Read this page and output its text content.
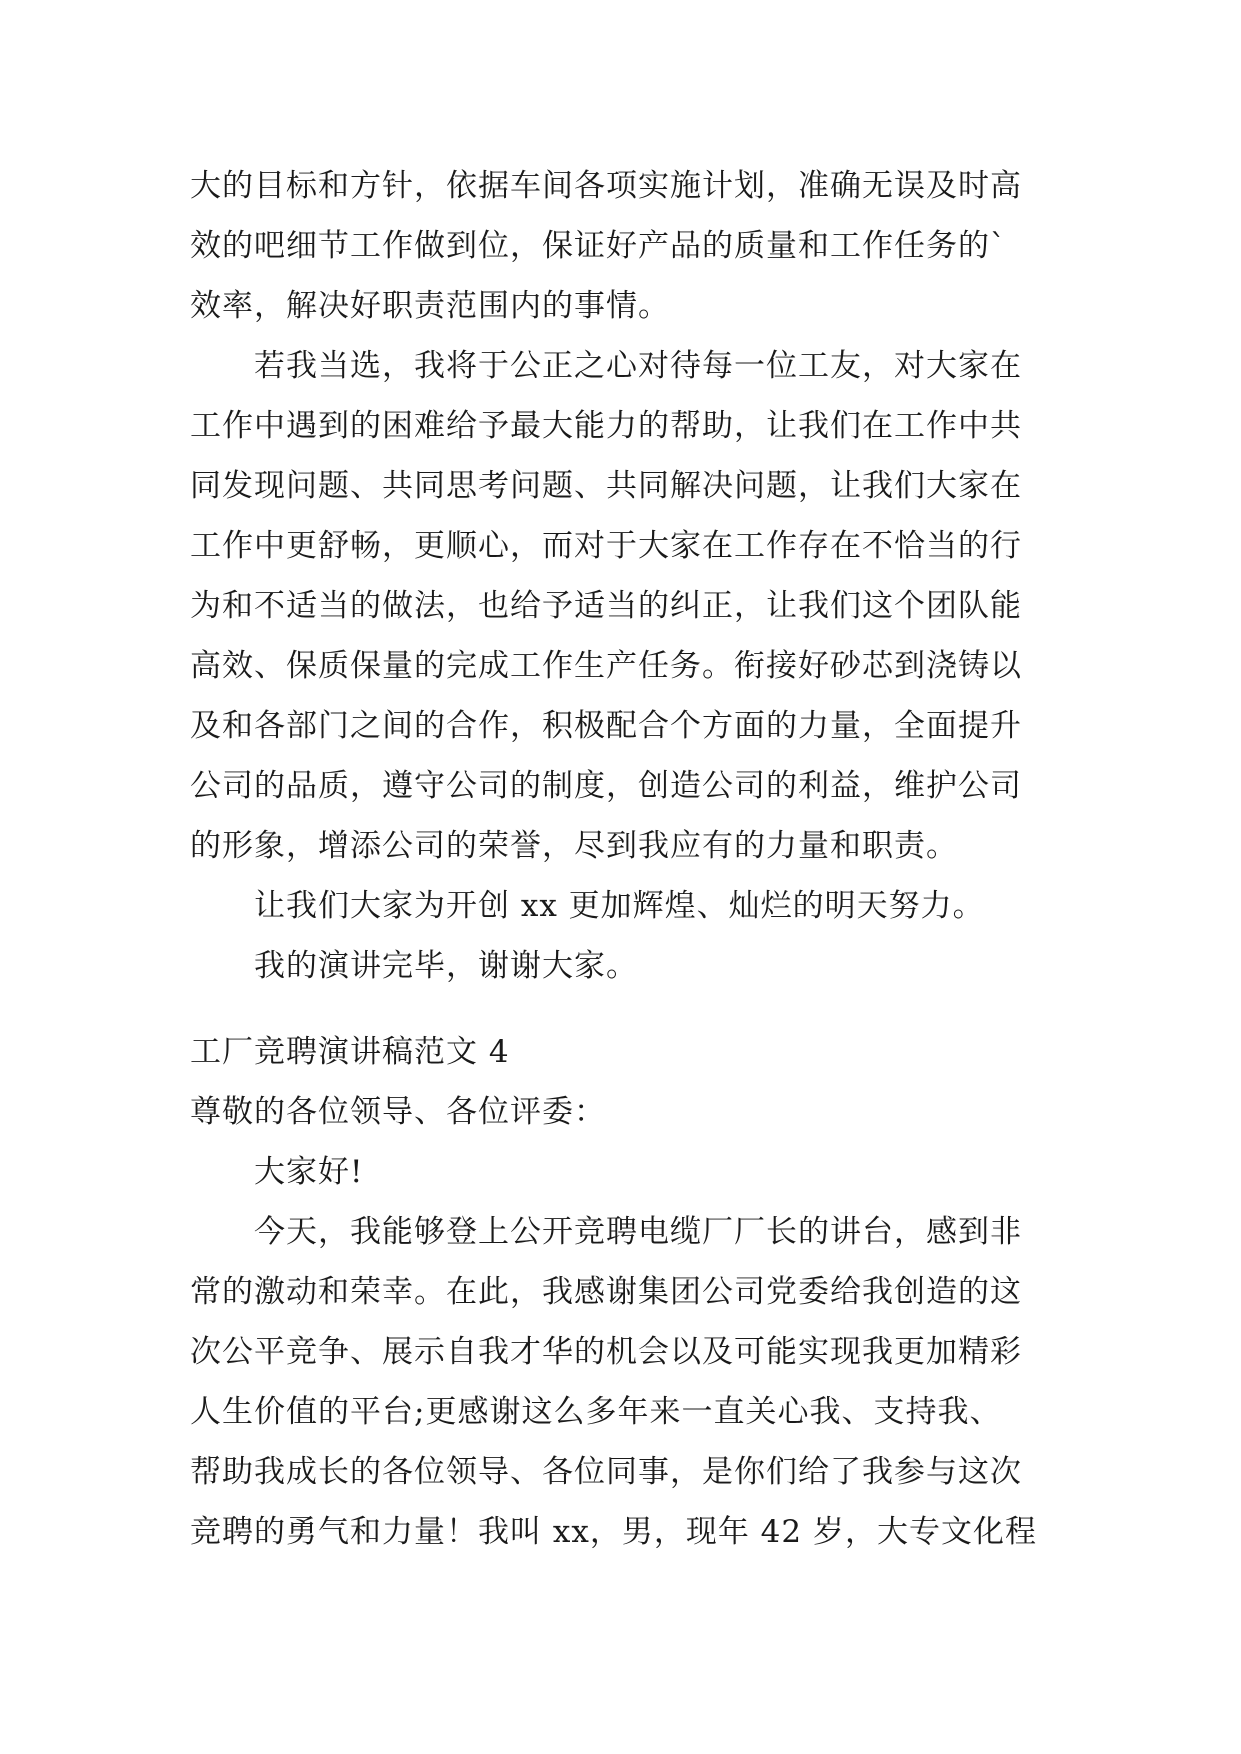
大的目标和方针，依据车间各项实施计划，准确无误及时高
效的吧细节工作做到位，保证好产品的质量和工作任务的`
效率，解决好职责范围内的事情。
若我当选，我将于公正之心对待每一位工友，对大家在
工作中遇到的困难给予最大能力的帮助，让我们在工作中共
同发现问题、共同思考问题、共同解决问题，让我们大家在
工作中更舒畅，更顺心，而对于大家在工作存在不恰当的行
为和不适当的做法，也给予适当的纠正，让我们这个团队能
高效、保质保量的完成工作生产任务。衔接好砂芯到浇铸以
及和各部门之间的合作，积极配合个方面的力量，全面提升
公司的品质，遵守公司的制度，创造公司的利益，维护公司
的形象，增添公司的荣誉，尽到我应有的力量和职责。
让我们大家为开创 xx 更加辉煌、灿烂的明天努力。
我的演讲完毕，谢谢大家。
工厂竞聘演讲稿范文 4
尊敬的各位领导、各位评委：
大家好!
今天，我能够登上公开竞聘电缆厂厂长的讲台，感到非
常的激动和荣幸。在此，我感谢集团公司党委给我创造的这
次公平竞争、展示自我才华的机会以及可能实现我更加精彩
人生价值的平台;更感谢这么多年来一直关心我、支持我、
帮助我成长的各位领导、各位同事，是你们给了我参与这次
竞聘的勇气和力量！我叫 xx，男，现年 42 岁，大专文化程
